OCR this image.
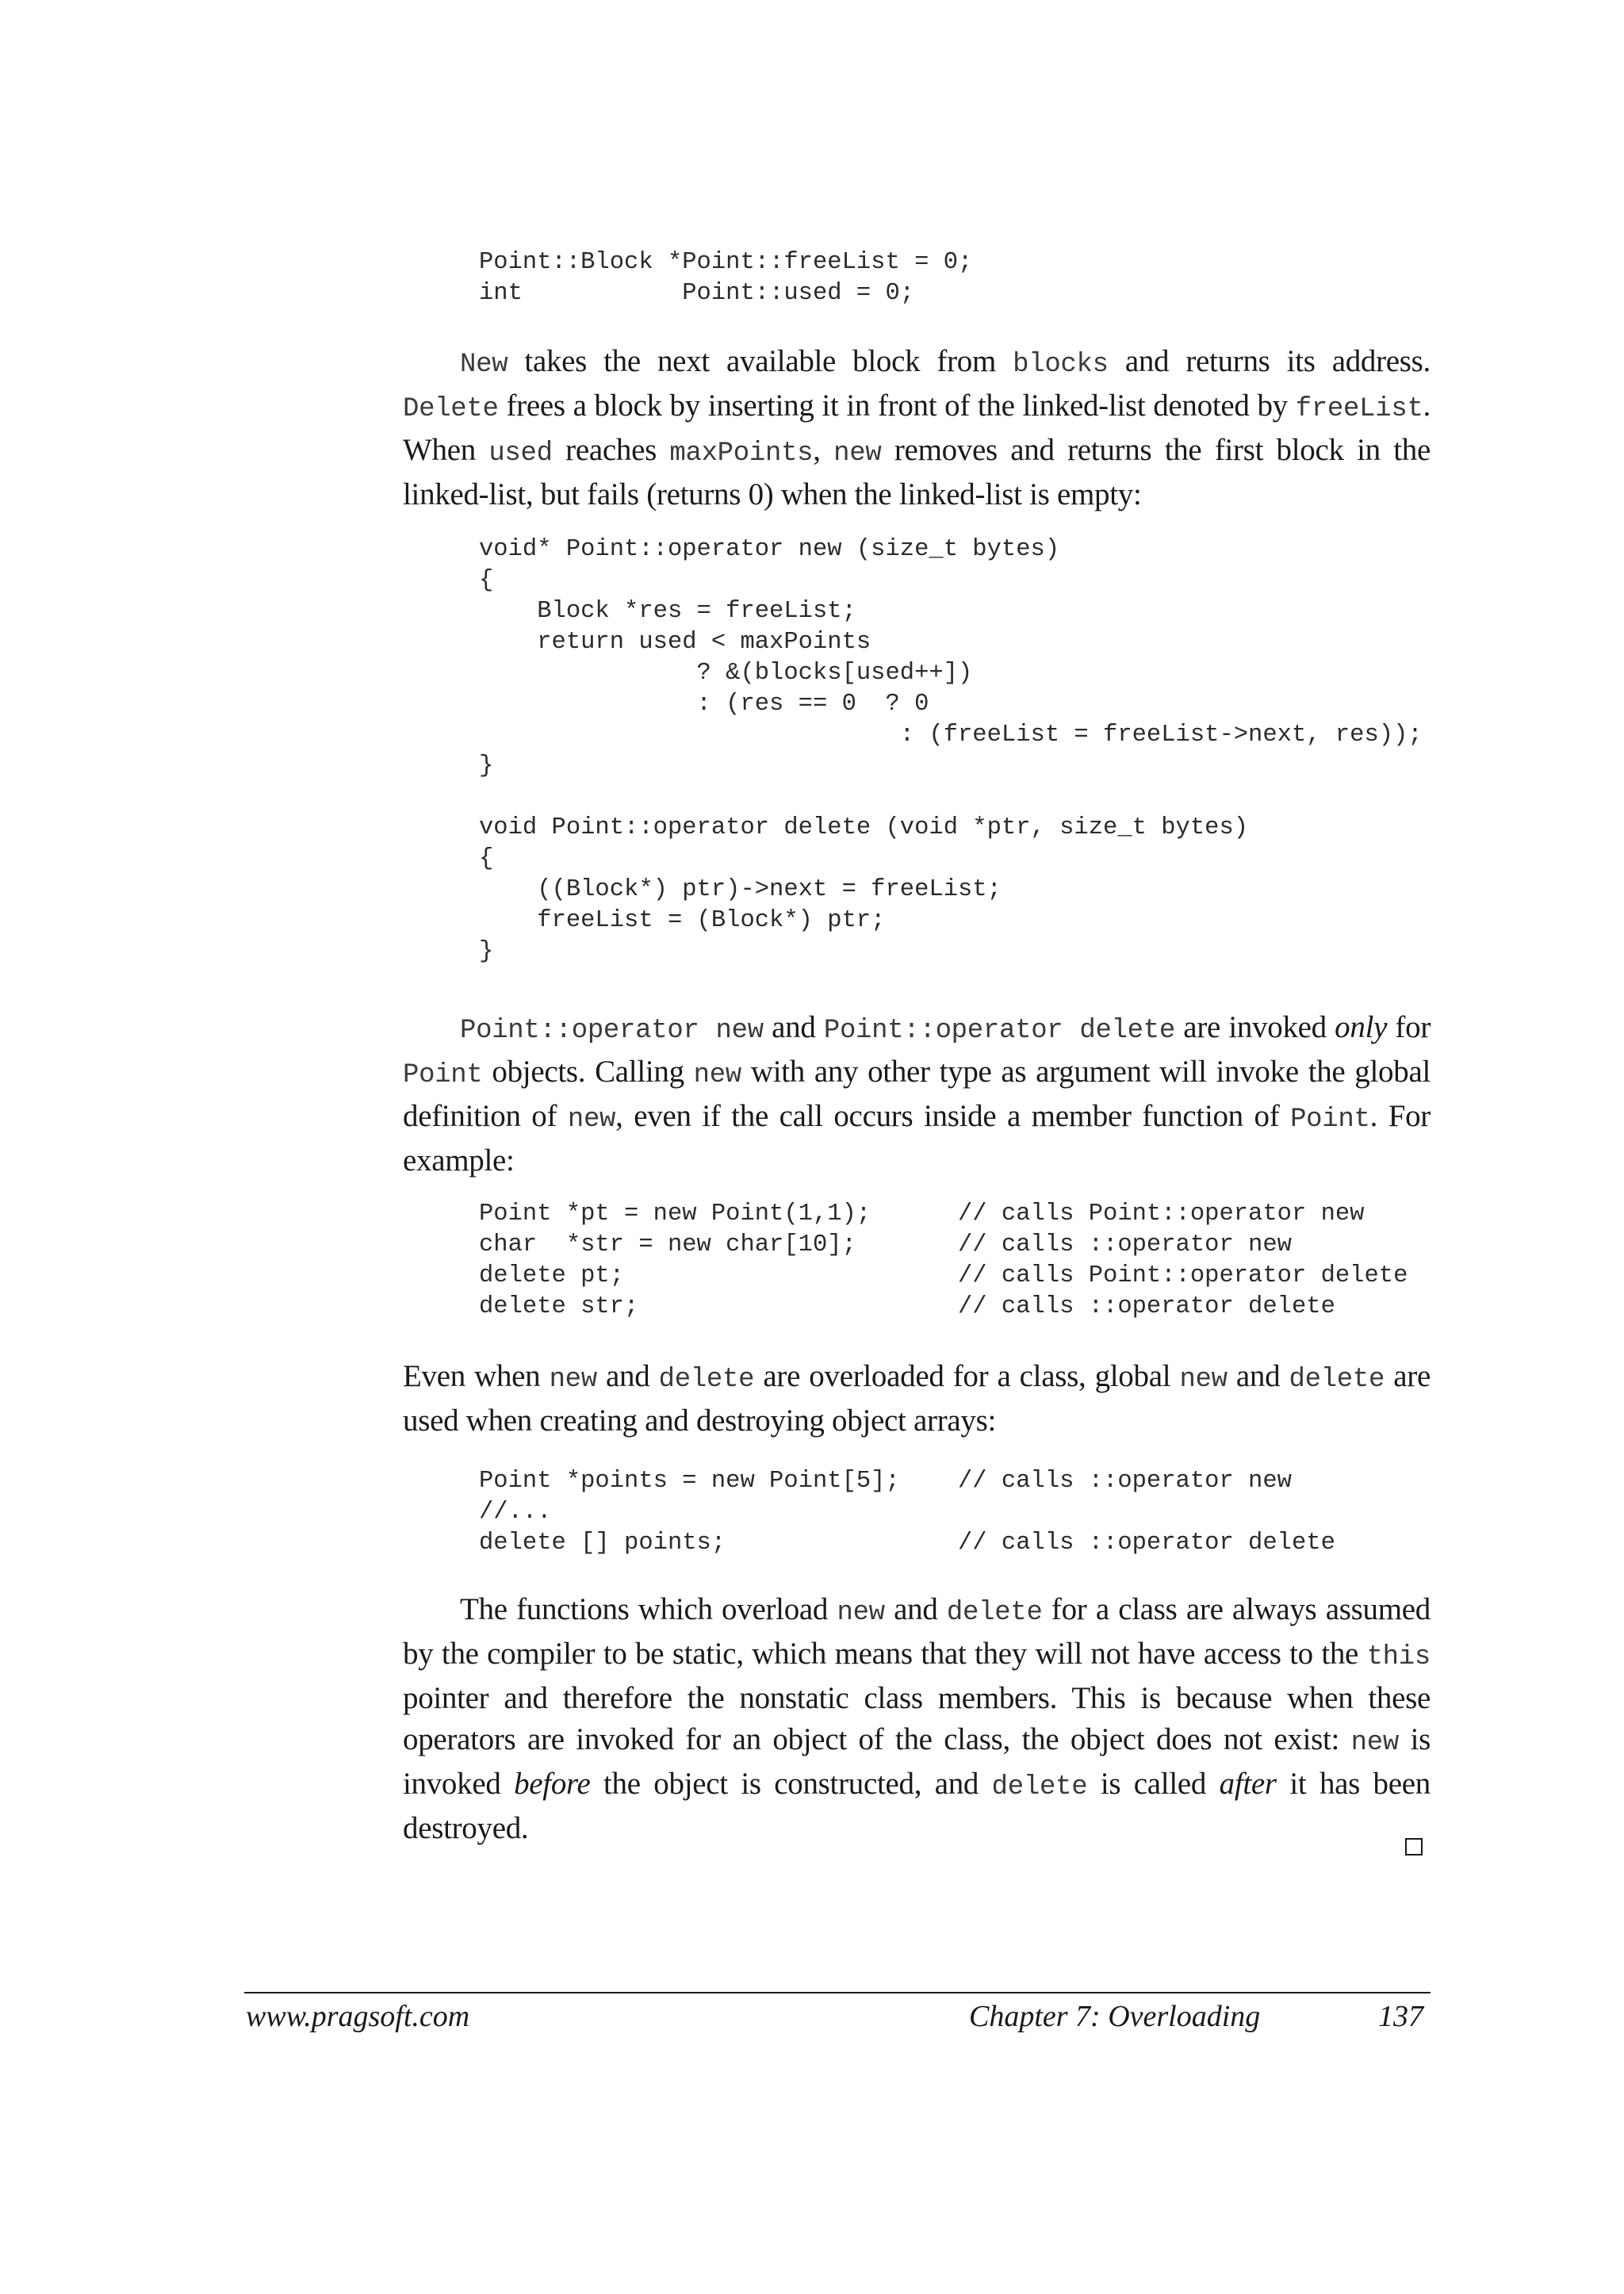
Point::Block *Point::freeList = 0;
int           Point::used = 0;

New takes the next available block from blocks and returns its address. Delete frees a block by inserting it in front of the linked-list denoted by freeList. When used reaches maxPoints, new removes and returns the first block in the linked-list, but fails (returns 0) when the linked-list is empty:

void* Point::operator new (size_t bytes)
{
Block *res = freeList;
return used < maxPoints
? &(blocks[used++])
: (res == 0  ? 0
: (freeList = freeList->next, res));
}

void Point::operator delete (void *ptr, size_t bytes)
{
((Block*) ptr)->next = freeList;
freeList = (Block*) ptr;
}

Point::operator new and Point::operator delete are invoked only for Point objects. Calling new with any other type as argument will invoke the global definition of new, even if the call occurs inside a member function of Point. For example:

Point *pt = new Point(1,1);      // calls Point::operator new
char  *str = new char[10];       // calls ::operator new
delete pt;                       // calls Point::operator delete
delete str;                      // calls ::operator delete

Even when new and delete are overloaded for a class, global new and delete are used when creating and destroying object arrays:

Point *points = new Point[5];    // calls ::operator new
//...
delete [] points;                // calls ::operator delete

The functions which overload new and delete for a class are always assumed by the compiler to be static, which means that they will not have access to the this pointer and therefore the nonstatic class members. This is because when these operators are invoked for an object of the class, the object does not exist: new is invoked before the object is constructed, and delete is called after it has been destroyed.

www.pragsoft.com	Chapter 7: Overloading	137
